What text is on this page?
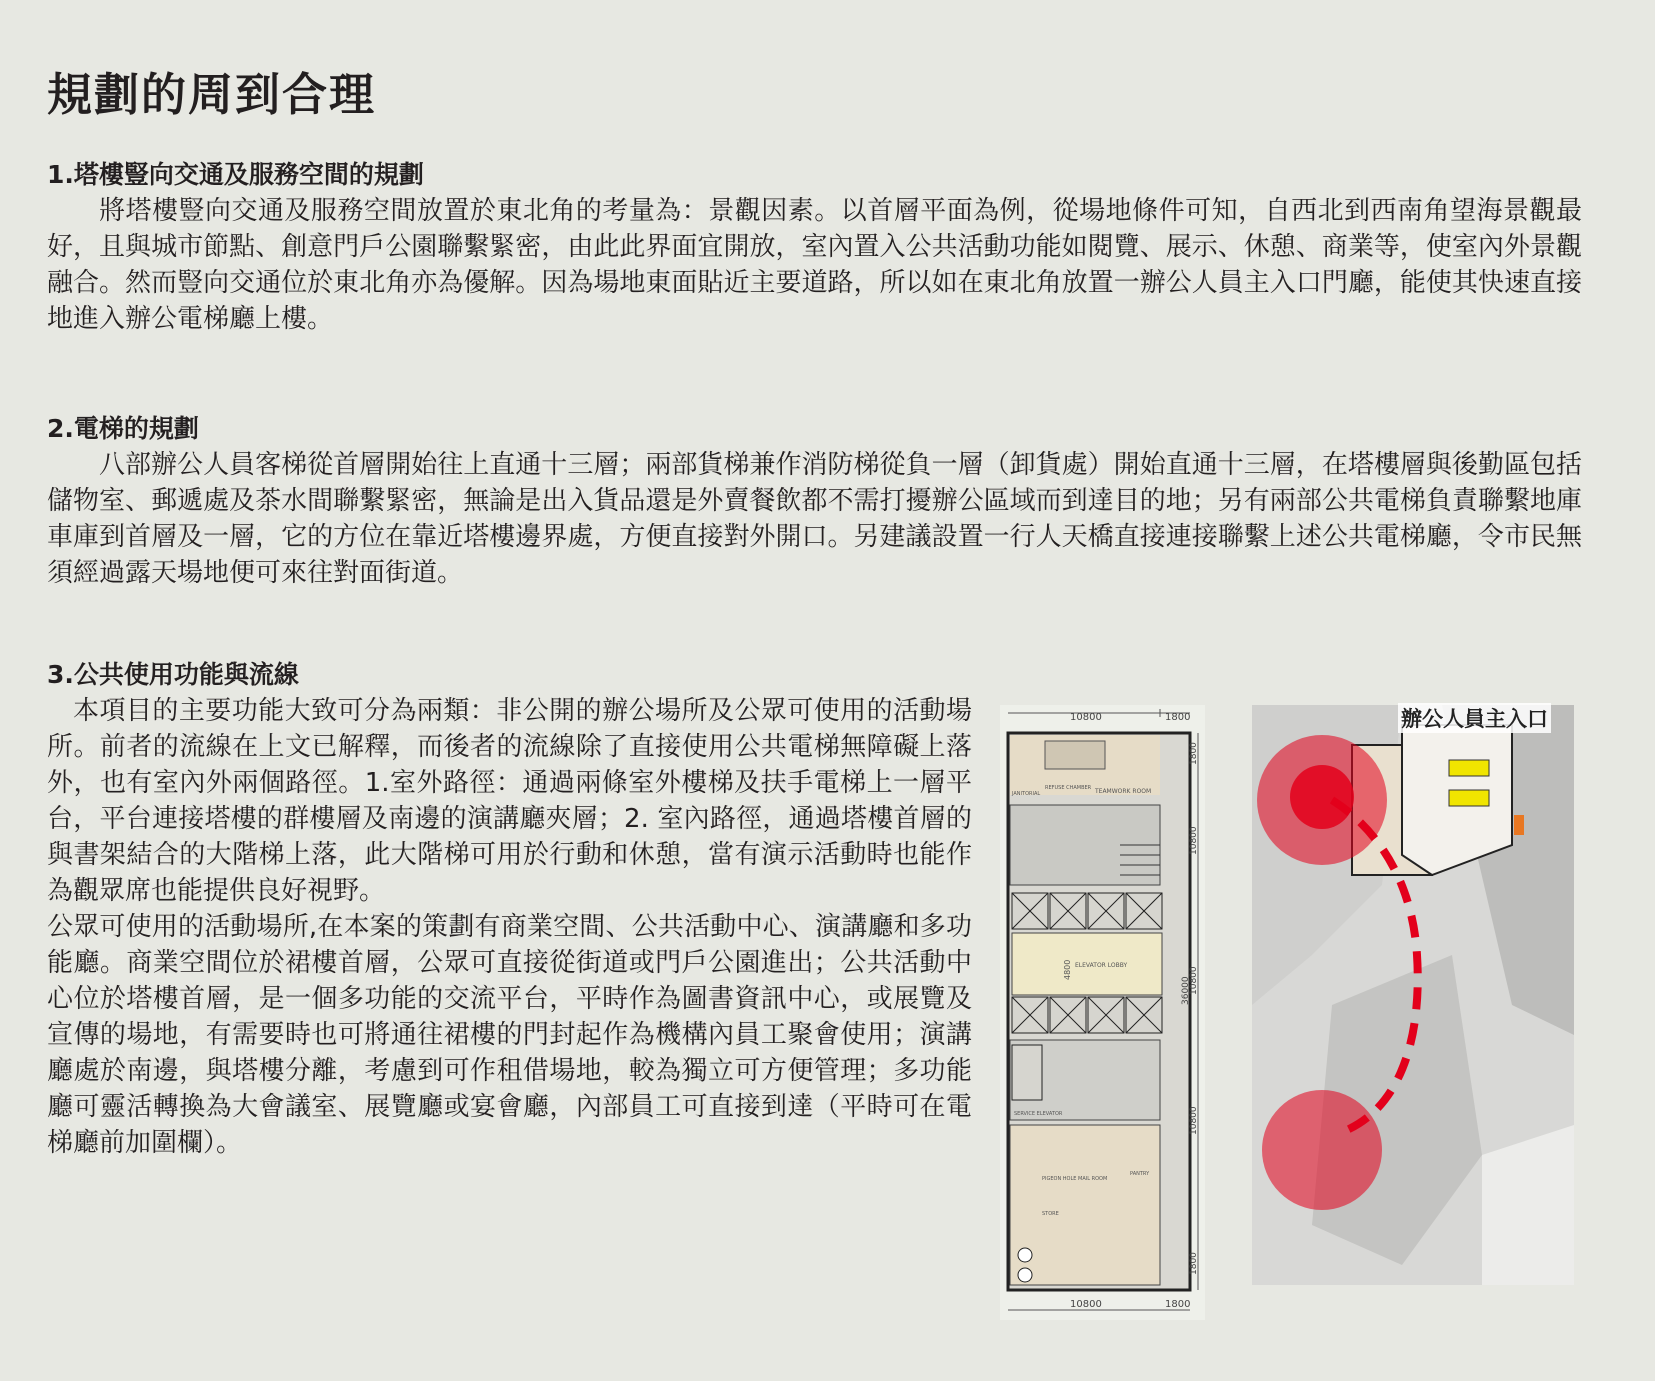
規劃的周到合理
1.塔樓豎向交通及服務空間的規劃

將塔樓豎向交通及服務空間放置於東北角的考量為：景觀因素。以首層平面為例，從場地條件可知，自西北到西南角望海景觀最好，且與城市節點、創意門戶公園聯繫緊密，由此此界面宜開放，室內置入公共活動功能如閱覽、展示、休憩、商業等，使室內外景觀融合。然而豎向交通位於東北角亦為優解。因為場地東面貼近主要道路，所以如在東北角放置一辦公人員主入口門廳，能使其快速直接地進入辦公電梯廳上樓。

2.電梯的規劃

八部辦公人員客梯從首層開始往上直通十三層；兩部貨梯兼作消防梯從負一層（卸貨處）開始直通十三層，在塔樓層與後勤區包括儲物室、郵遞處及茶水間聯繫緊密，無論是出入貨品還是外賣餐飲都不需打擾辦公區域而到達目的地；另有兩部公共電梯負責聯繫地庫車庫到首層及一層，它的方位在靠近塔樓邊界處，方便直接對外開口。另建議設置一行人天橋直接連接聯繫上述公共電梯廳，令市民無須經過露天場地便可來往對面街道。

3.公共使用功能與流線

本項目的主要功能大致可分為兩類：非公開的辦公場所及公眾可使用的活動場所。前者的流線在上文已解釋，而後者的流線除了直接使用公共電梯無障礙上落外，也有室內外兩個路徑。1.室外路徑：通過兩條室外樓梯及扶手電梯上一層平台，平台連接塔樓的群樓層及南邊的演講廳夾層；2. 室內路徑，通過塔樓首層的與書架結合的大階梯上落，此大階梯可用於行動和休憩，當有演示活動時也能作為觀眾席也能提供良好視野。

公眾可使用的活動場所,在本案的策劃有商業空間、公共活動中心、演講廳和多功能廳。商業空間位於裙樓首層，公眾可直接從街道或門戶公園進出；公共活動中心位於塔樓首層，是一個多功能的交流平台，平時作為圖書資訊中心，或展覽及宣傳的場地，有需要時也可將通往裙樓的門封起作為機構內員工聚會使用；演講廳處於南邊，與塔樓分離，考慮到可作租借場地，較為獨立可方便管理；多功能廳可靈活轉換為大會議室、展覽廳或宴會廳，內部員工可直接到達（平時可在電梯廳前加圍欄）。

10800	1800
TEAMWORK ROOM
JANITORIAL
REFUSE CHAMBER
ELEVATOR LOBBY
4800
SERVICE ELEVATOR
PIGEON HOLE MAIL ROOM
PANTRY
STORE
1800
10800
10800
10800
1800
36000
10800	1800
辦公人員主入口
